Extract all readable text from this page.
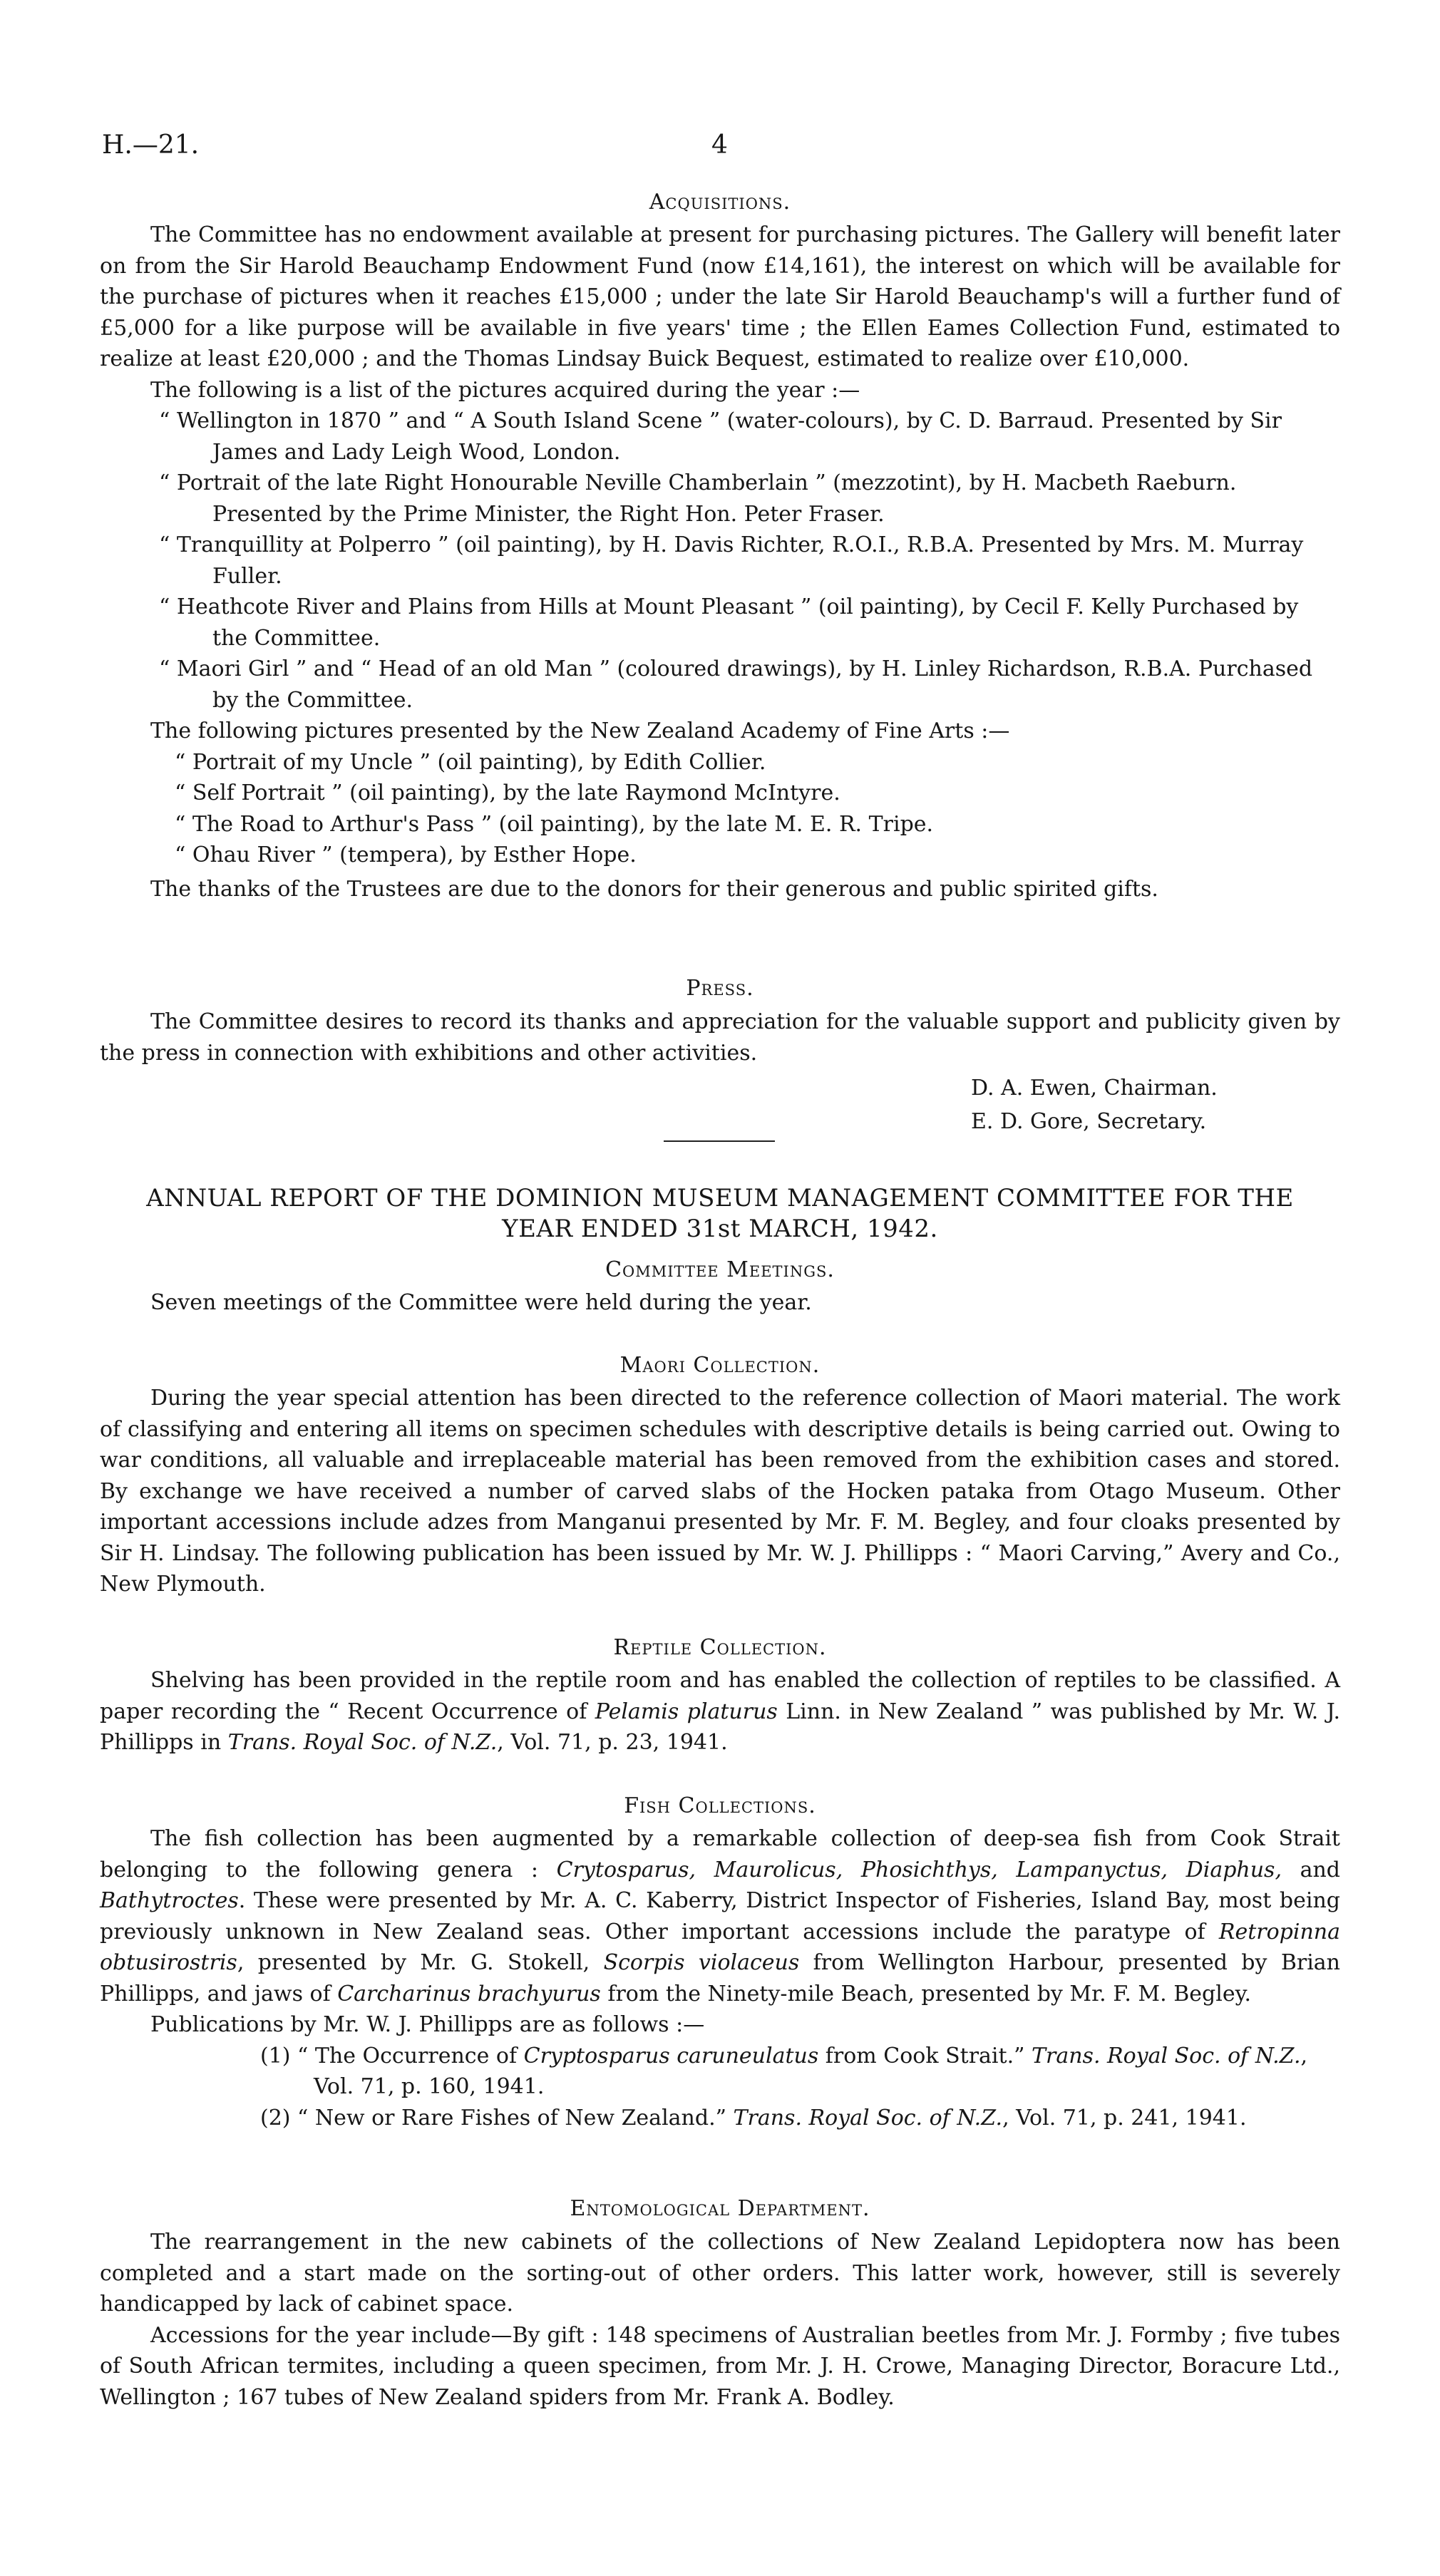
H.—21.	4
Acquisitions.

The Committee has no endowment available at present for purchasing pictures. The Gallery will benefit later on from the Sir Harold Beauchamp Endowment Fund (now £14,161), the interest on which will be available for the purchase of pictures when it reaches £15,000 ; under the late Sir Harold Beauchamp's will a further fund of £5,000 for a like purpose will be available in five years' time ; the Ellen Eames Collection Fund, estimated to realize at least £20,000 ; and the Thomas Lindsay Buick Bequest, estimated to realize over £10,000.

The following is a list of the pictures acquired during the year :—

“ Wellington in 1870 ” and “ A South Island Scene ” (water-colours), by C. D. Barraud. Presented by Sir James and Lady Leigh Wood, London.

“ Portrait of the late Right Honourable Neville Chamberlain ” (mezzotint), by H. Macbeth Raeburn. Presented by the Prime Minister, the Right Hon. Peter Fraser.

“ Tranquillity at Polperro ” (oil painting), by H. Davis Richter, R.O.I., R.B.A. Presented by Mrs. M. Murray Fuller.

“ Heathcote River and Plains from Hills at Mount Pleasant ” (oil painting), by Cecil F. Kelly Purchased by the Committee.

“ Maori Girl ” and “ Head of an old Man ” (coloured drawings), by H. Linley Richardson, R.B.A. Purchased by the Committee.

The following pictures presented by the New Zealand Academy of Fine Arts :—

“ Portrait of my Uncle ” (oil painting), by Edith Collier.

“ Self Portrait ” (oil painting), by the late Raymond McIntyre.

“ The Road to Arthur's Pass ” (oil painting), by the late M. E. R. Tripe.

“ Ohau River ” (tempera), by Esther Hope.

The thanks of the Trustees are due to the donors for their generous and public spirited gifts.

Press.

The Committee desires to record its thanks and appreciation for the valuable support and publicity given by the press in connection with exhibitions and other activities.

D. A. Ewen, Chairman.
E. D. Gore, Secretary.
ANNUAL REPORT OF THE DOMINION MUSEUM MANAGEMENT COMMITTEE FOR THE
YEAR ENDED 31st MARCH, 1942.
Committee Meetings.

Seven meetings of the Committee were held during the year.

Maori Collection.

During the year special attention has been directed to the reference collection of Maori material. The work of classifying and entering all items on specimen schedules with descriptive details is being carried out. Owing to war conditions, all valuable and irreplaceable material has been removed from the exhibition cases and stored. By exchange we have received a number of carved slabs of the Hocken pataka from Otago Museum. Other important accessions include adzes from Manganui presented by Mr. F. M. Begley, and four cloaks presented by Sir H. Lindsay. The following publication has been issued by Mr. W. J. Phillipps : “ Maori Carving,” Avery and Co., New Plymouth.

Reptile Collection.

Shelving has been provided in the reptile room and has enabled the collection of reptiles to be classified. A paper recording the “ Recent Occurrence of Pelamis platurus Linn. in New Zealand ” was published by Mr. W. J. Phillipps in Trans. Royal Soc. of N.Z., Vol. 71, p. 23, 1941.

Fish Collections.

The fish collection has been augmented by a remarkable collection of deep-sea fish from Cook Strait belonging to the following genera : Crytosparus, Maurolicus, Phosichthys, Lampanyctus, Diaphus, and Bathytroctes. These were presented by Mr. A. C. Kaberry, District Inspector of Fisheries, Island Bay, most being previously unknown in New Zealand seas. Other important accessions include the paratype of Retropinna obtusirostris, presented by Mr. G. Stokell, Scorpis violaceus from Wellington Harbour, presented by Brian Phillipps, and jaws of Carcharinus brachyurus from the Ninety-mile Beach, presented by Mr. F. M. Begley.

Publications by Mr. W. J. Phillipps are as follows :—

(1) “ The Occurrence of Cryptosparus caruneulatus from Cook Strait.” Trans. Royal Soc. of N.Z., Vol. 71, p. 160, 1941.

(2) “ New or Rare Fishes of New Zealand.” Trans. Royal Soc. of N.Z., Vol. 71, p. 241, 1941.

Entomological Department.

The rearrangement in the new cabinets of the collections of New Zealand Lepidoptera now has been completed and a start made on the sorting-out of other orders. This latter work, however, still is severely handicapped by lack of cabinet space.

Accessions for the year include—By gift : 148 specimens of Australian beetles from Mr. J. Formby ; five tubes of South African termites, including a queen specimen, from Mr. J. H. Crowe, Managing Director, Boracure Ltd., Wellington ; 167 tubes of New Zealand spiders from Mr. Frank A. Bodley.
